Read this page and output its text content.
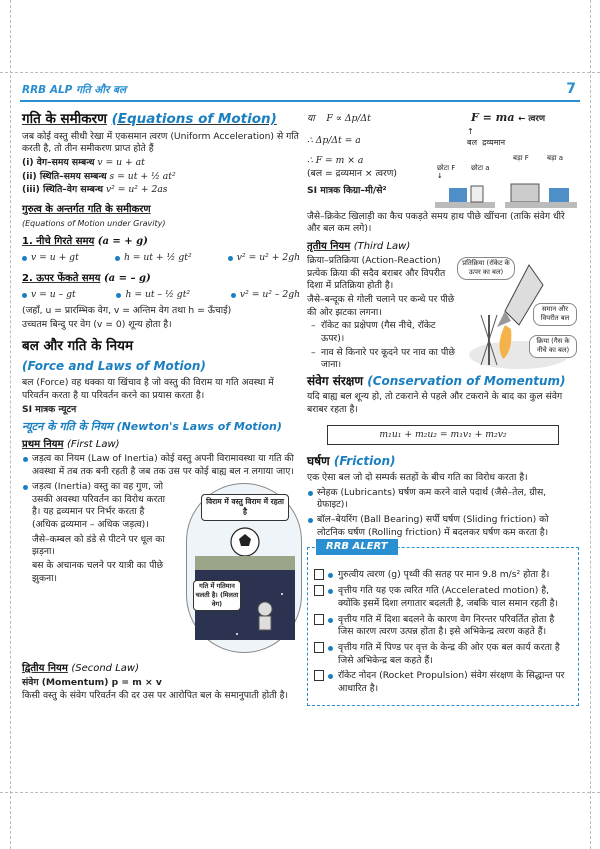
RRB ALP गति और बल	7
गति के समीकरण (Equations of Motion)

जब कोई वस्तु सीधी रेखा में एकसमान त्वरण (Uniform Acceleration) से गति करती है, तो तीन समीकरण प्राप्त होते हैं

(i) वेग–समय सम्बन्ध v = u + at

(ii) स्थिति–समय सम्बन्ध s = ut + ½ at²

(iii) स्थिति–वेग सम्बन्ध v² = u² + 2as

गुरुत्व के अन्तर्गत गति के समीकरण

(Equations of Motion under Gravity)

1. नीचे गिरते समय (a = + g)
v = u + gt	h = ut + ½ gt²	v² = u² + 2gh
2. ऊपर फेंकते समय (a = – g)
v = u – gt	h = ut – ½ gt²	v² = u² – 2gh

(जहाँ, u = प्रारम्भिक वेग, v = अन्तिम वेग तथा h = ऊँचाई)

उच्चतम बिन्दु पर वेग (v = 0) शून्य होता है।

बल और गति के नियम
(Force and Laws of Motion)

बल (Force) वह धक्का या खिंचाव है जो वस्तु की विराम या गति अवस्था में परिवर्तन करता है या परिवर्तन करने का प्रयास करता है।

SI मात्रक न्यूटन

न्यूटन के गति के नियम (Newton's Laws of Motion)
प्रथम नियम (First Law)
जड़त्व का नियम (Law of Inertia) कोई वस्तु अपनी विरामावस्था या गति की अवस्था में तब तक बनी रहती है जब तक उस पर कोई बाह्य बल न लगाया जाए।
जड़त्व (Inertia) वस्तु का वह गुण, जो उसकी अवस्था परिवर्तन का विरोध करता है। यह द्रव्यमान पर निर्भर करता है (अधिक द्रव्यमान – अधिक जड़त्व)।

जैसे–कम्बल को डंडे से पीटने पर धूल का झड़ना।

बस के अचानक चलने पर यात्री का पीछे झुकना।

विराम में वस्तु विराम में रहता है
गति में गतिमान चलती है। (मिलता वेग)
द्वितीय नियम (Second Law)

संवेग (Momentum) p = m × v

किसी वस्तु के संवेग परिवर्तन की दर उस पर आरोपित बल के समानुपाती होती है।

या F ∝ Δp/Δt

∴ Δp/Δt = a

∴ F = m × a

F = ma ← त्वरण
↑
बल द्रव्यमान

(बल = द्रव्यमान × त्वरण)

SI मात्रक किग्रा–मी/से²

↓
छोटा F छोटा a
बड़ा F	बड़ा a

जैसे–क्रिकेट खिलाड़ी का कैच पकड़ते समय हाथ पीछे खींचना (ताकि संवेग धीरे और बल कम लगे)।

तृतीय नियम (Third Law)

क्रिया–प्रतिक्रिया (Action-Reaction) प्रत्येक क्रिया की सदैव बराबर और विपरीत दिशा में प्रतिक्रिया होती है।

जैसे–बन्दूक से गोली चलाने पर कन्धे पर पीछे की ओर झटका लगना।

– रॉकेट का प्रक्षेपण (गैस नीचे, रॉकेट ऊपर)।

– नाव से किनारे पर कूदने पर नाव का पीछे जाना।

प्रतिक्रिया (रॉकेट के ऊपर का बल)
समान और विपरीत बल
क्रिया (गैस के नीचे का बल)
संवेग संरक्षण (Conservation of Momentum)

यदि बाह्य बल शून्य हो, तो टकराने से पहले और टकराने के बाद का कुल संवेग बराबर रहता है।

m₁u₁ + m₂u₂ = m₁v₁ + m₂v₂
घर्षण (Friction)

एक ऐसा बल जो दो सम्पर्क सतहों के बीच गति का विरोध करता है।

स्नेहक (Lubricants) घर्षण कम करने वाले पदार्थ (जैसे–तेल, ग्रीस, ग्रेफाइट)।
बॉल–बेयरिंग (Ball Bearing) सर्पी घर्षण (Sliding friction) को लोटनिक घर्षण (Rolling friction) में बदलकर घर्षण कम करता है।
RRB ALERT
गुरुत्वीय त्वरण (g) पृथ्वी की सतह पर मान 9.8 m/s² होता है।
वृत्तीय गति यह एक त्वरित गति (Accelerated motion) है, क्योंकि इसमें दिशा लगातार बदलती है, जबकि चाल समान रहती है।
वृत्तीय गति में दिशा बदलने के कारण वेग निरन्तर परिवर्तित होता है जिस कारण त्वरण उत्पन्न होता है। इसे अभिकेन्द्र त्वरण कहते हैं।
वृत्तीय गति में पिण्ड पर वृत्त के केन्द्र की ओर एक बल कार्य करता है जिसे अभिकेन्द्र बल कहते हैं।
रॉकेट नोदन (Rocket Propulsion) संवेग संरक्षण के सिद्धान्त पर आधारित है।
